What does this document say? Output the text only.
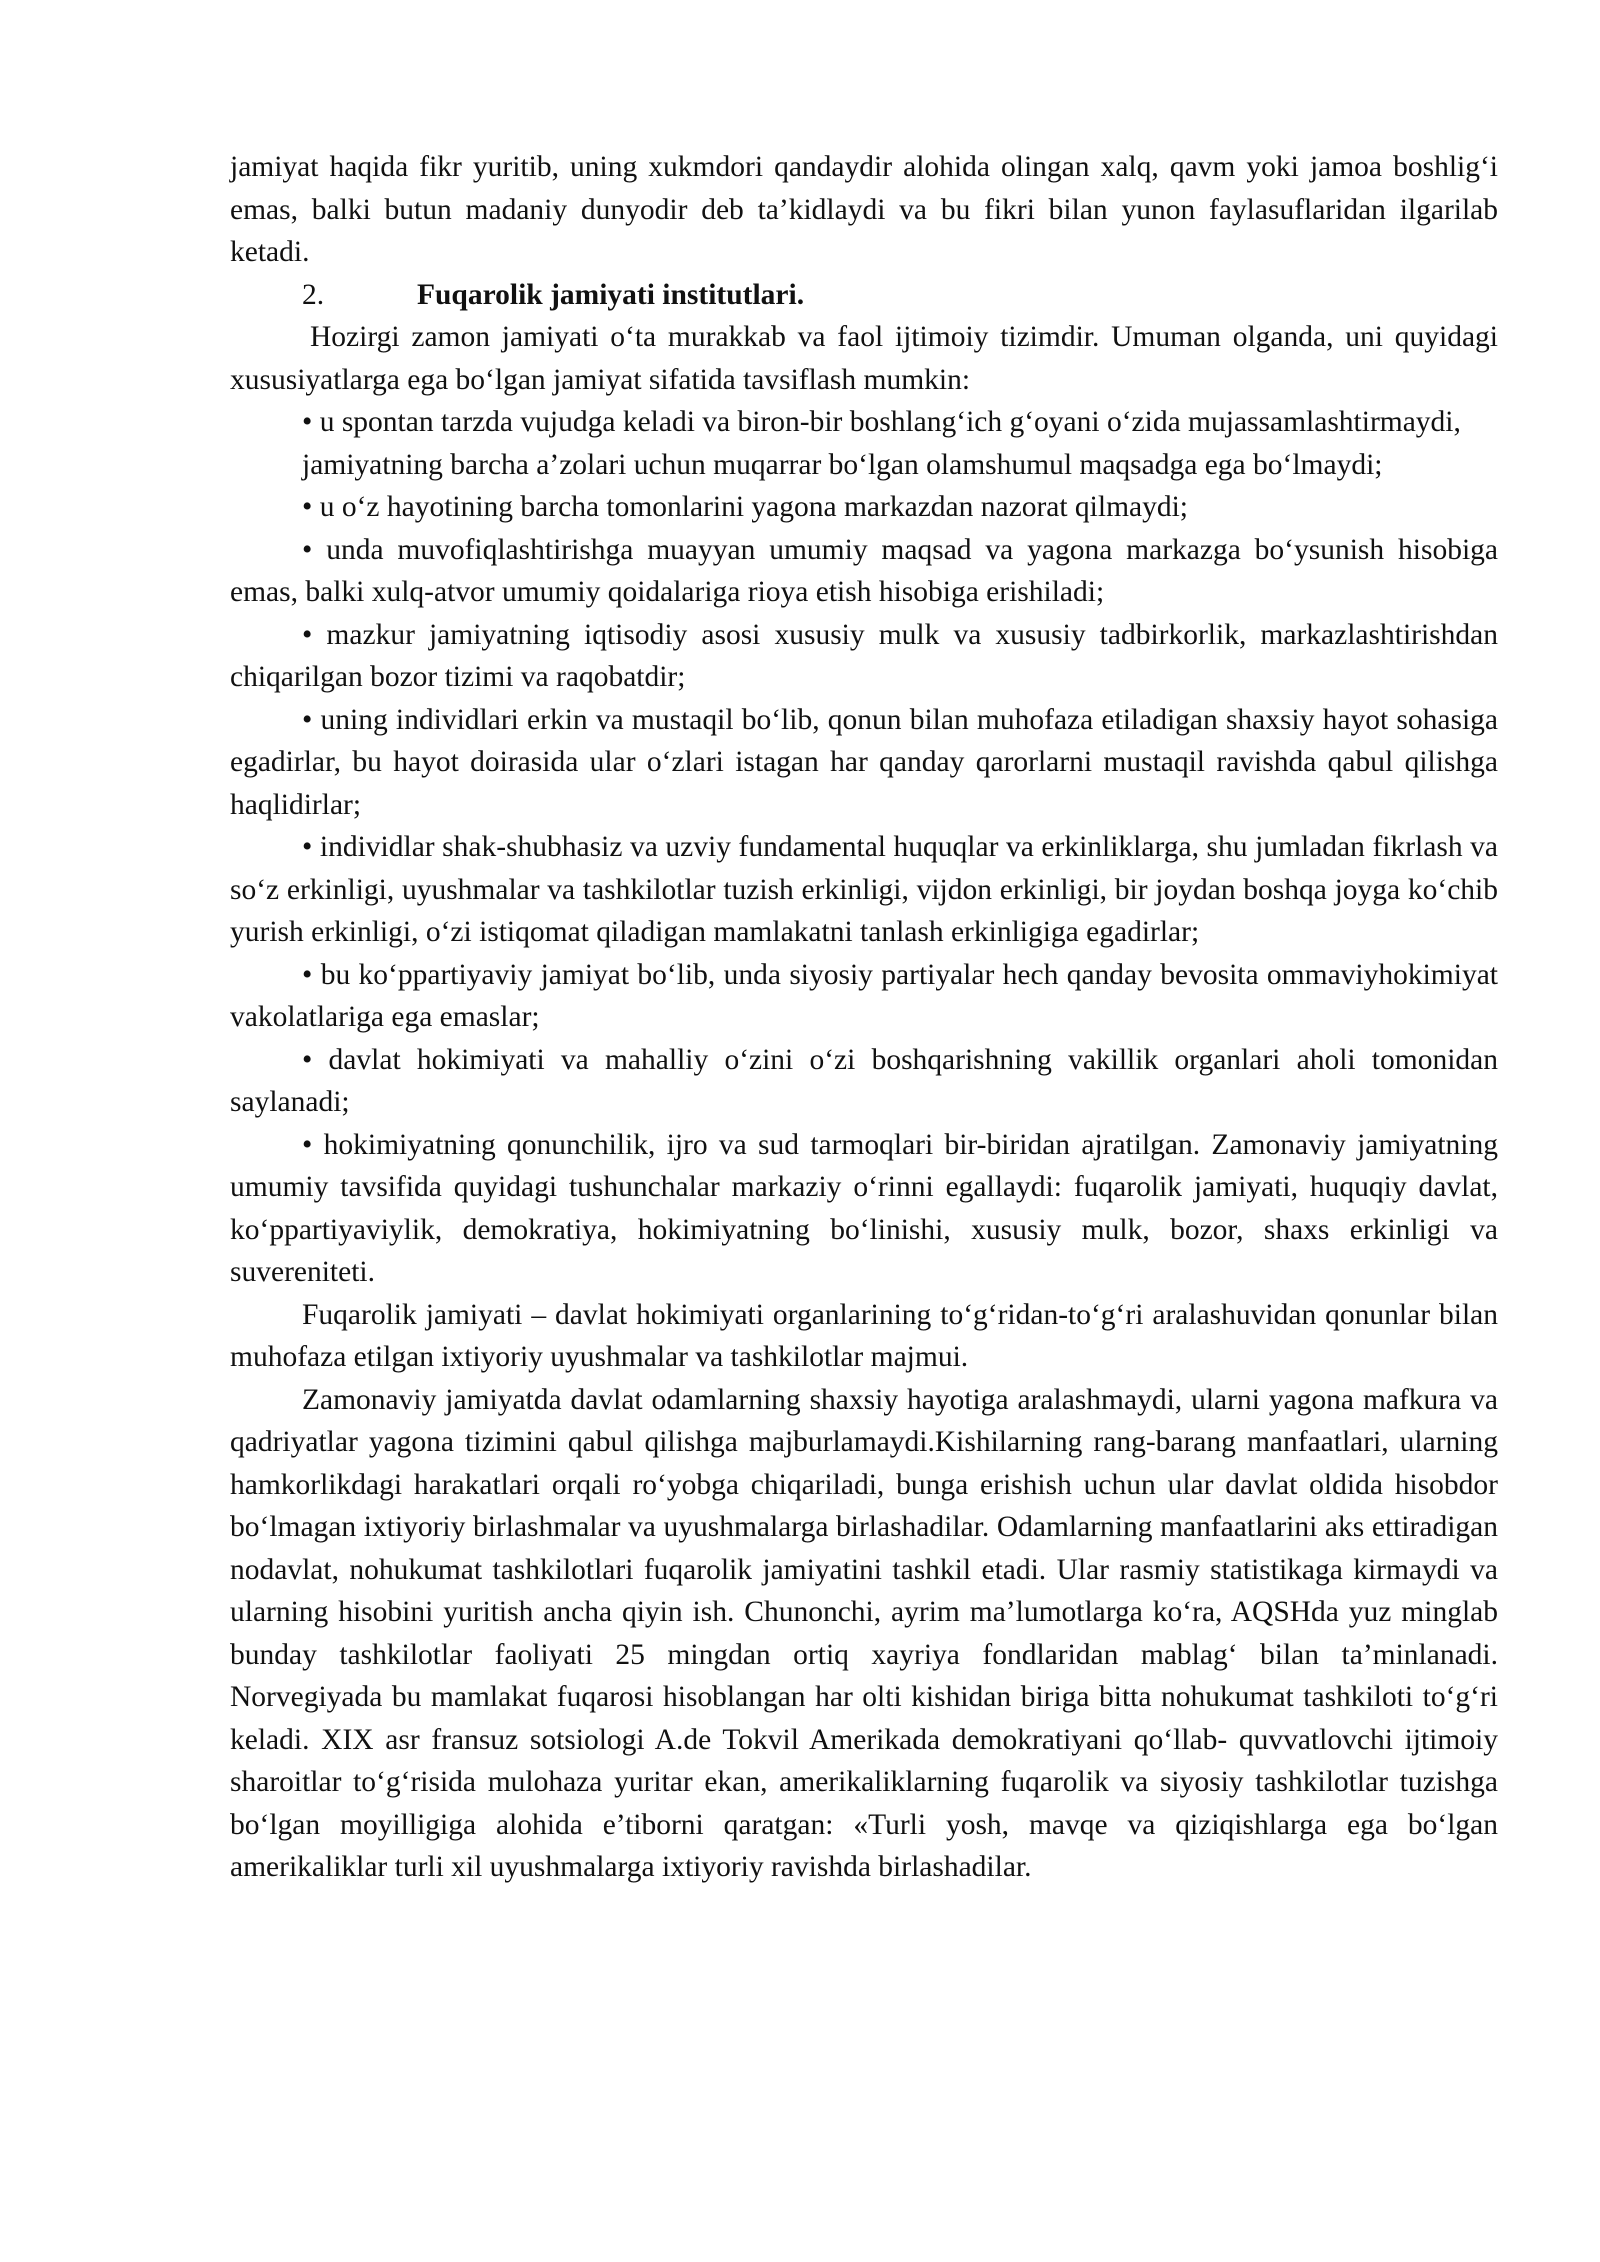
jamiyat haqida fikr yuritib, uning xukmdori qandaydir alohida olingan xalq, qavm yoki jamoa boshlig‘i emas, balki butun madaniy dunyodir deb ta’kidlaydi va bu fikri bilan yunon faylasuflaridan ilgarilab ketadi.

2.	Fuqarolik jamiyati institutlari.

Hozirgi zamon jamiyati o‘ta murakkab va faol ijtimoiy tizimdir. Umuman olganda, uni quyidagi xususiyatlarga ega bo‘lgan jamiyat sifatida tavsiflash mumkin:

• u spontan tarzda vujudga keladi va biron-bir boshlang‘ich g‘oyani o‘zida mujassamlashtirmaydi,

jamiyatning barcha a’zolari uchun muqarrar bo‘lgan olamshumul maqsadga ega bo‘lmaydi;

• u o‘z hayotining barcha tomonlarini yagona markazdan nazorat qilmaydi;

• unda muvofiqlashtirishga muayyan umumiy maqsad va yagona markazga bo‘ysunish hisobiga emas, balki xulq-atvor umumiy qoidalariga rioya etish hisobiga erishiladi;

• mazkur jamiyatning iqtisodiy asosi xususiy mulk va xususiy tadbirkorlik, markazlashtirishdan chiqarilgan bozor tizimi va raqobatdir;

• uning individlari erkin va mustaqil bo‘lib, qonun bilan muhofaza etiladigan shaxsiy hayot sohasiga egadirlar, bu hayot doirasida ular o‘zlari istagan har qanday qarorlarni mustaqil ravishda qabul qilishga haqlidirlar;

• individlar shak-shubhasiz va uzviy fundamental huquqlar va erkinliklarga, shu jumladan fikrlash va so‘z erkinligi, uyushmalar va tashkilotlar tuzish erkinligi, vijdon erkinligi, bir joydan boshqa joyga ko‘chib yurish erkinligi, o‘zi istiqomat qiladigan mamlakatni tanlash erkinligiga egadirlar;

• bu ko‘ppartiyaviy jamiyat bo‘lib, unda siyosiy partiyalar hech qanday bevosita ommaviyhokimiyat vakolatlariga ega emaslar;

• davlat hokimiyati va mahalliy o‘zini o‘zi boshqarishning vakillik organlari aholi tomonidan saylanadi;

• hokimiyatning qonunchilik, ijro va sud tarmoqlari bir-biridan ajratilgan. Zamonaviy jamiyatning umumiy tavsifida quyidagi tushunchalar markaziy o‘rinni egallaydi: fuqarolik jamiyati, huquqiy davlat, ko‘ppartiyaviylik, demokratiya, hokimiyatning bo‘linishi, xususiy mulk, bozor, shaxs erkinligi va suvereniteti.

Fuqarolik jamiyati – davlat hokimiyati organlarining to‘g‘ridan-to‘g‘ri aralashuvidan qonunlar bilan muhofaza etilgan ixtiyoriy uyushmalar va tashkilotlar majmui.

Zamonaviy jamiyatda davlat odamlarning shaxsiy hayotiga aralashmaydi, ularni yagona mafkura va qadriyatlar yagona tizimini qabul qilishga majburlamaydi.Kishilarning rang-barang manfaatlari, ularning hamkorlikdagi harakatlari orqali ro‘yobga chiqariladi, bunga erishish uchun ular davlat oldida hisobdor bo‘lmagan ixtiyoriy birlashmalar va uyushmalarga birlashadilar. Odamlarning manfaatlarini aks ettiradigan nodavlat, nohukumat tashkilotlari fuqarolik jamiyatini tashkil etadi. Ular rasmiy statistikaga kirmaydi va ularning hisobini yuritish ancha qiyin ish. Chunonchi, ayrim ma’lumotlarga ko‘ra, AQSHda yuz minglab bunday tashkilotlar faoliyati 25 mingdan ortiq xayriya fondlaridan mablag‘ bilan ta’minlanadi. Norvegiyada bu mamlakat fuqarosi hisoblangan har olti kishidan biriga bitta nohukumat tashkiloti to‘g‘ri keladi. XIX asr fransuz sotsiologi A.de Tokvil Amerikada demokratiyani qo‘llab- quvvatlovchi ijtimoiy sharoitlar to‘g‘risida mulohaza yuritar ekan, amerikaliklarning fuqarolik va siyosiy tashkilotlar tuzishga bo‘lgan moyilligiga alohida e’tiborni qaratgan: «Turli yosh, mavqe va qiziqishlarga ega bo‘lgan amerikaliklar turli xil uyushmalarga ixtiyoriy ravishda birlashadilar.
